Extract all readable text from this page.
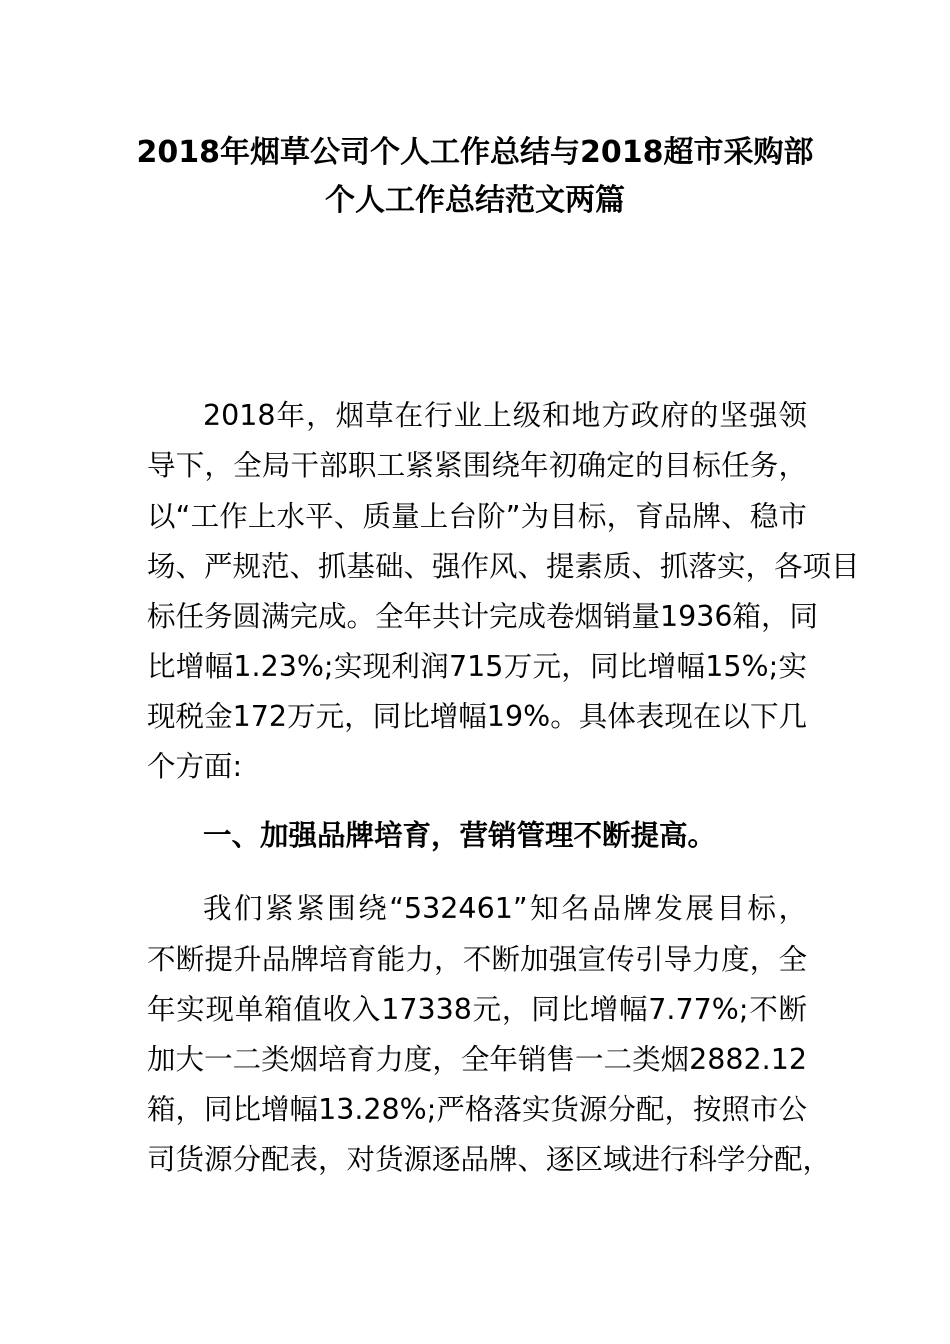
2018年烟草公司个人工作总结与2018超市采购部
个人工作总结范文两篇
2018年，烟草在行业上级和地方政府的坚强领
导下，全局干部职工紧紧围绕年初确定的目标任务，
以“工作上水平、质量上台阶”为目标，育品牌、稳市
场、严规范、抓基础、强作风、提素质、抓落实，各项目
标任务圆满完成。全年共计完成卷烟销量1936箱，同
比增幅1.23%;实现利润715万元，同比增幅15%;实
现税金172万元，同比增幅19%。具体表现在以下几
个方面:
一、加强品牌培育，营销管理不断提高。
我们紧紧围绕“532461”知名品牌发展目标，
不断提升品牌培育能力，不断加强宣传引导力度，全
年实现单箱值收入17338元，同比增幅7.77%;不断
加大一二类烟培育力度，全年销售一二类烟2882.12
箱，同比增幅13.28%;严格落实货源分配，按照市公
司货源分配表，对货源逐品牌、逐区域进行科学分配，
